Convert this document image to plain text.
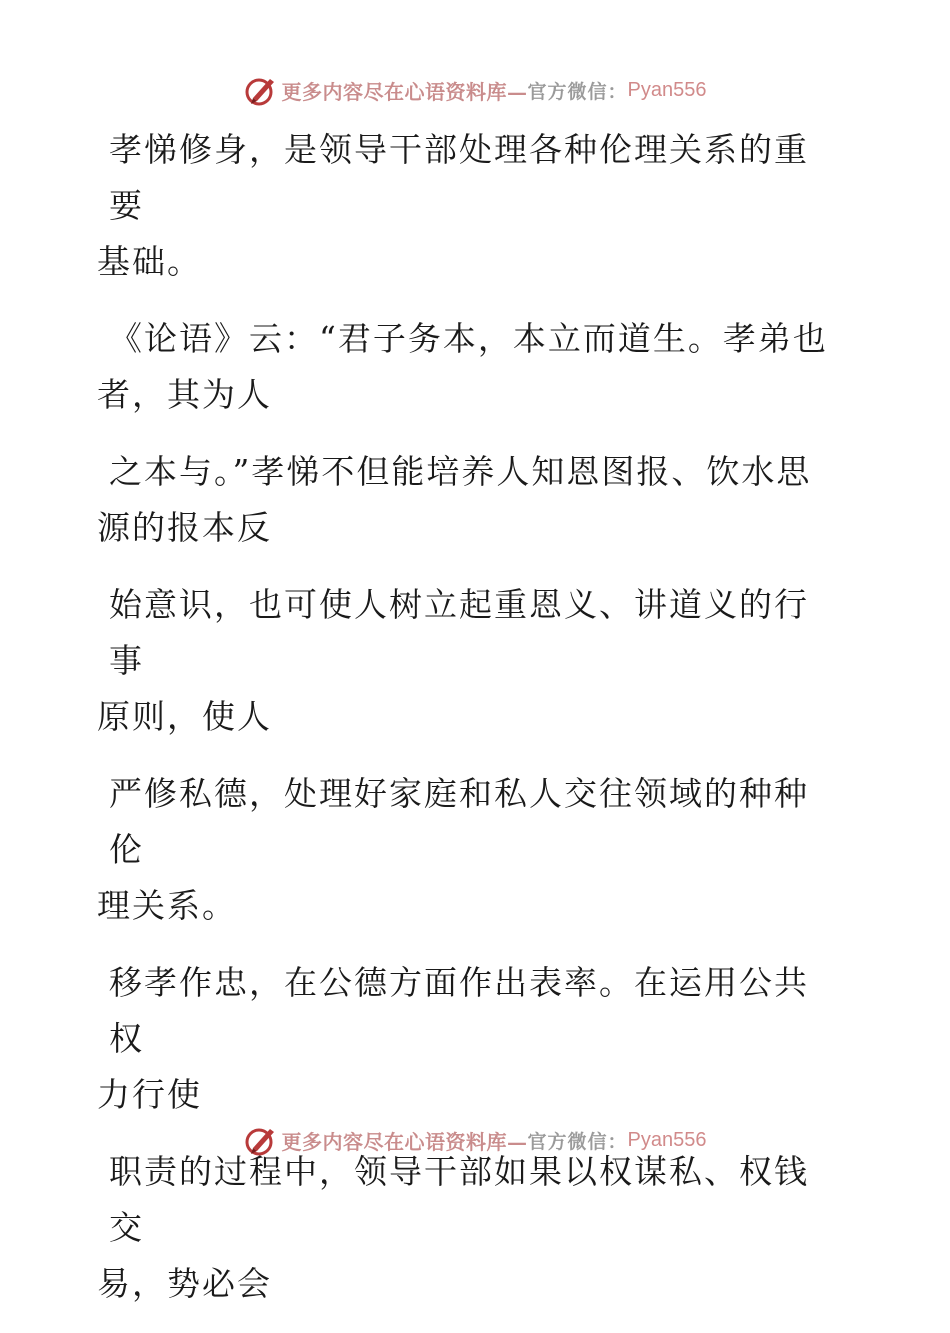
更多内容尽在心语资料库— 官方微信： Pyan556

孝悌修身，是领导干部处理各种伦理关系的重要
基础。

《论语》云：“君子务本，本立而道生。孝弟也
者，其为人

之本与。”孝悌不但能培养人知恩图报、饮水思
源的报本反

始意识，也可使人树立起重恩义、讲道义的行事
原则，使人

严修私德，处理好家庭和私人交往领域的种种伦
理关系。

移孝作忠，在公德方面作出表率。在运用公共权
力行使

职责的过程中，领导干部如果以权谋私、权钱交
易，势必会

更多内容尽在心语资料库— 官方微信： Pyan556
